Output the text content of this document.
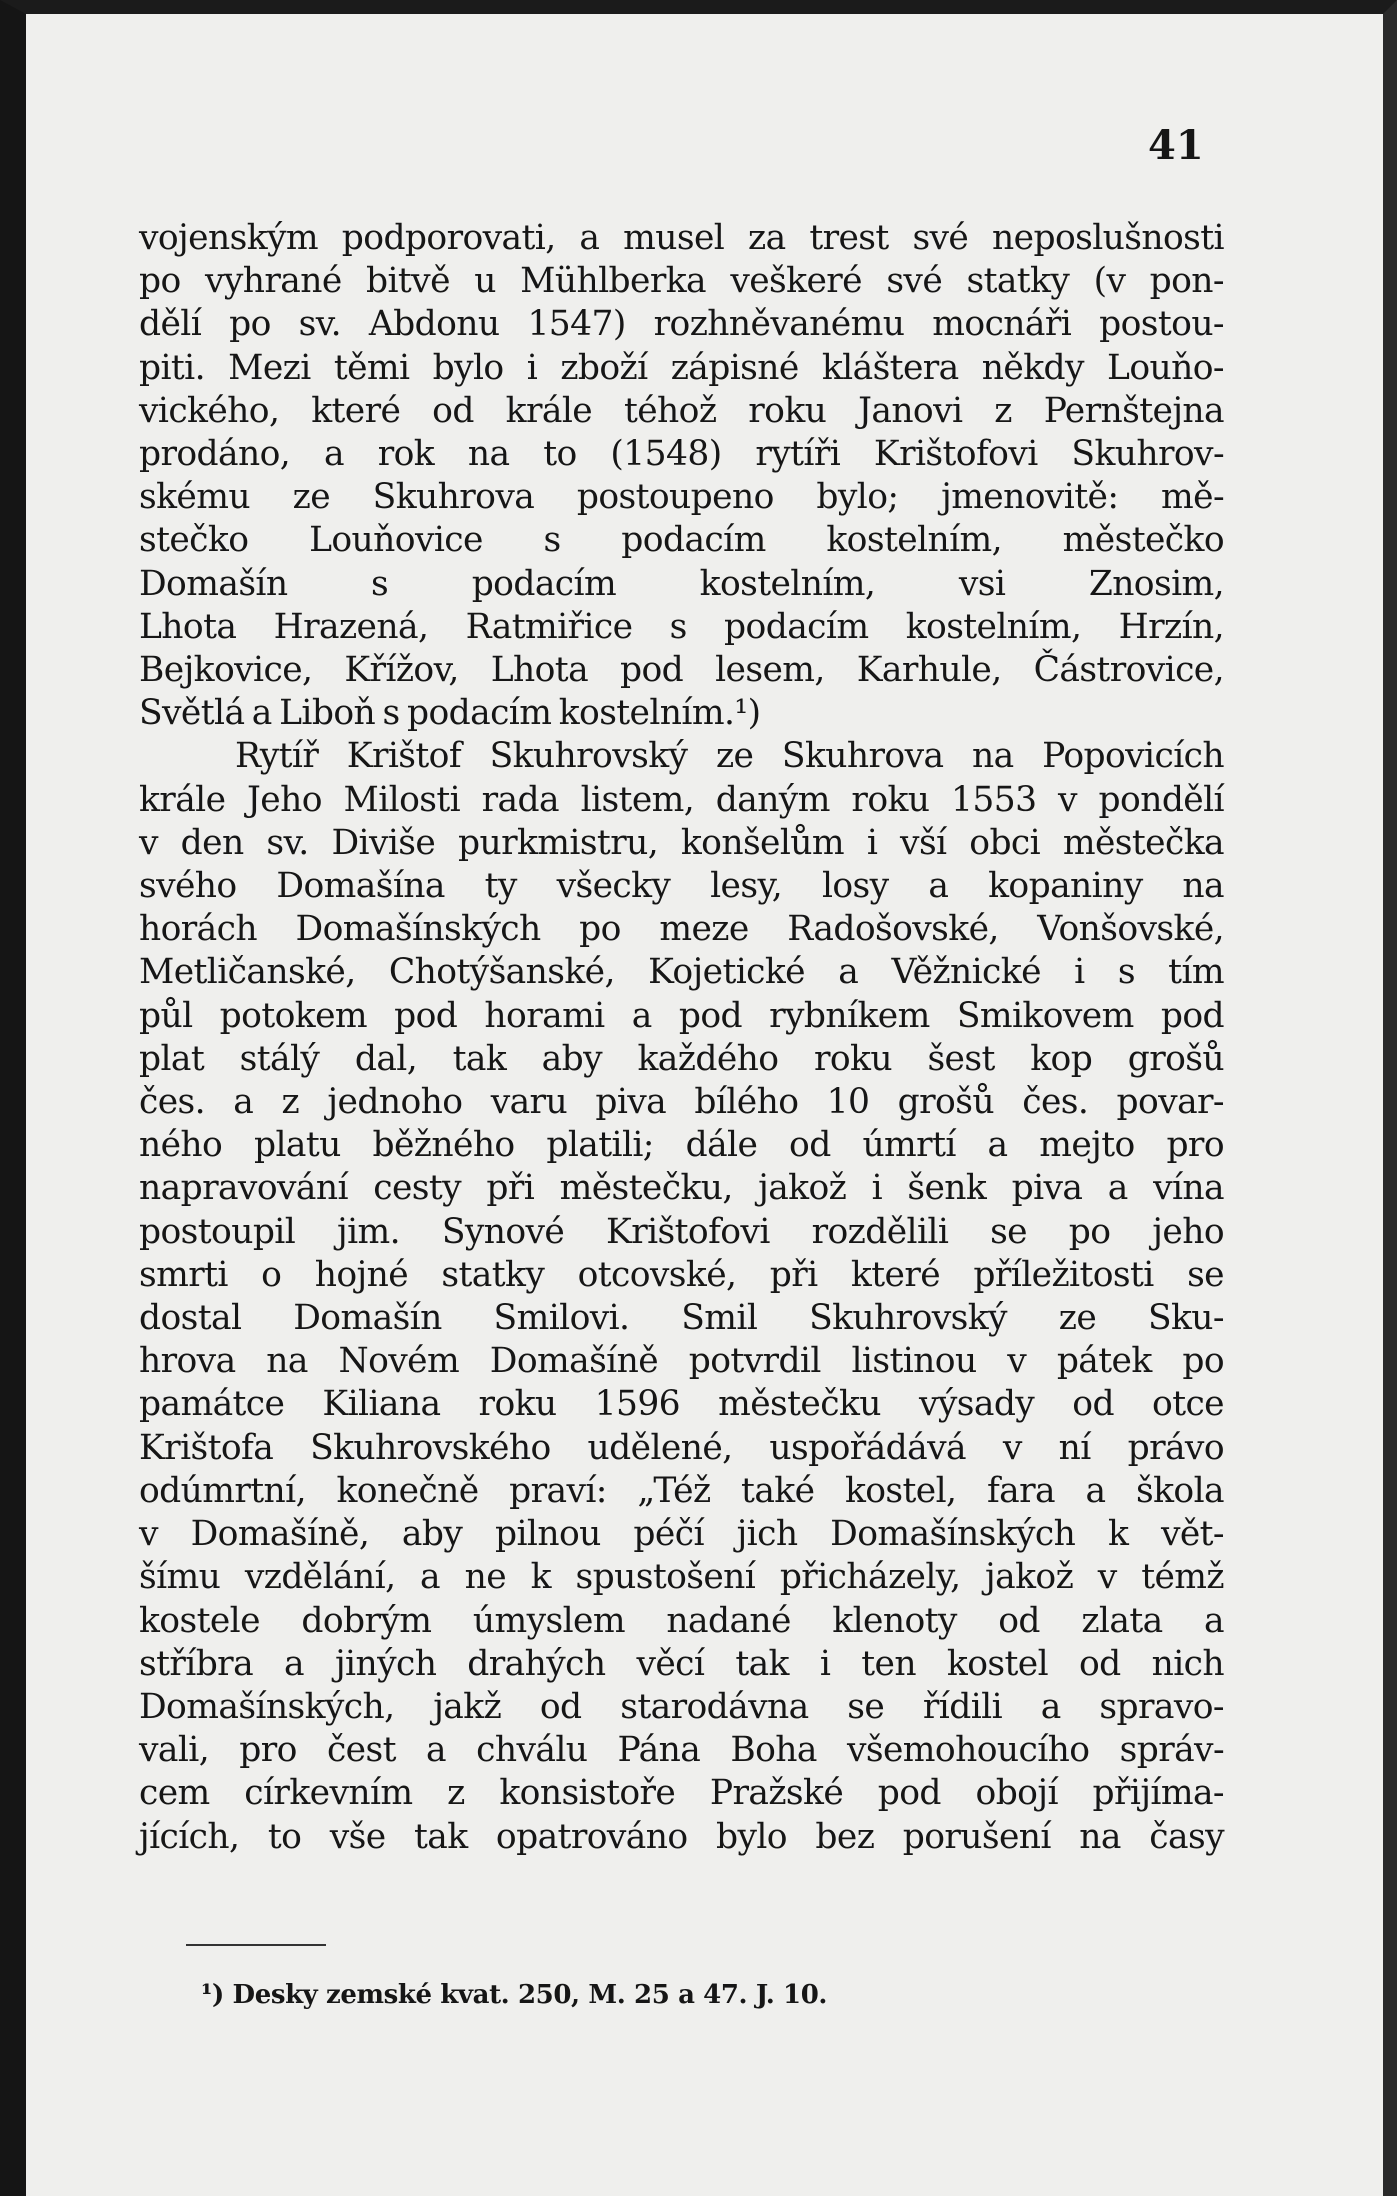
41
vojenským podporovati, a musel za trest své neposlušnosti
po vyhrané bitvě u Mühlberka veškeré své statky (v pon-
dělí po sv. Abdonu 1547) rozhněvanému mocnáři postou-
piti. Mezi těmi bylo i zboží zápisné kláštera někdy Louňo-
vického, které od krále téhož roku Janovi z Pernštejna
prodáno, a rok na to (1548) rytíři Krištofovi Skuhrov-
skému ze Skuhrova postoupeno bylo; jmenovitě: mě-
stečko Louňovice s podacím kostelním, městečko
Domašín s podacím kostelním, vsi Znosim,
Lhota Hrazená, Ratmiřice s podacím kostelním, Hrzín,
Bejkovice, Křížov, Lhota pod lesem, Karhule, Částrovice,
Světlá a Liboň s podacím kostelním.¹)
Rytíř Krištof Skuhrovský ze Skuhrova na Popovicích
krále Jeho Milosti rada listem, daným roku 1553 v pondělí
v den sv. Diviše purkmistru, konšelům i vší obci městečka
svého Domašína ty všecky lesy, losy a kopaniny na
horách Domašínských po meze Radošovské, Vonšovské,
Metličanské, Chotýšanské, Kojetické a Věžnické i s tím
půl potokem pod horami a pod rybníkem Smikovem pod
plat stálý dal, tak aby každého roku šest kop grošů
čes. a z jednoho varu piva bílého 10 grošů čes. povar-
ného platu běžného platili; dále od úmrtí a mejto pro
napravování cesty při městečku, jakož i šenk piva a vína
postoupil jim. Synové Krištofovi rozdělili se po jeho
smrti o hojné statky otcovské, při které příležitosti se
dostal Domašín Smilovi. Smil Skuhrovský ze Sku-
hrova na Novém Domašíně potvrdil listinou v pátek po
památce Kiliana roku 1596 městečku výsady od otce
Krištofa Skuhrovského udělené, uspořádává v ní právo
odúmrtní, konečně praví: „Též také kostel, fara a škola
v Domašíně, aby pilnou péčí jich Domašínských k vět-
šímu vzdělání, a ne k spustošení přicházely, jakož v témž
kostele dobrým úmyslem nadané klenoty od zlata a
stříbra a jiných drahých věcí tak i ten kostel od nich
Domašínských, jakž od starodávna se řídili a spravo-
vali, pro čest a chválu Pána Boha všemohoucího správ-
cem církevním z konsistoře Pražské pod obojí přijíma-
jících, to vše tak opatrováno bylo bez porušení na časy
¹) Desky zemské kvat. 250, M. 25 a 47. J. 10.
